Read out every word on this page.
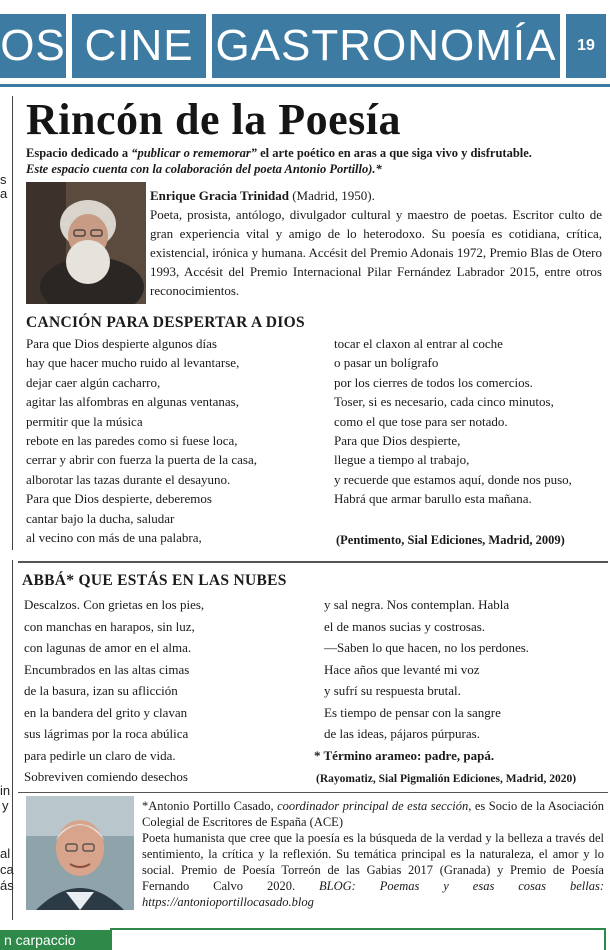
OS CINE GASTRONOMÍA	19
s
a
in
y
al
ca
ás
Rincón de la Poesía
Espacio dedicado a “publicar o rememorar” el arte poético en aras a que siga vivo y disfrutable.
Este espacio cuenta con la colaboración del poeta Antonio Portillo).*
Enrique Gracia Trinidad (Madrid, 1950).
Poeta, prosista, antólogo, divulgador cultural y maestro de poetas. Escritor culto de gran experiencia vital y amigo de lo heterodoxo. Su poesía es cotidiana, crítica, existencial, irónica y humana. Accésit del Premio Adonais 1972, Premio Blas de Otero 1993, Accésit del Premio Internacional Pilar Fernández Labrador 2015, entre otros reconocimientos.
CANCIÓN PARA DESPERTAR A DIOS
Para que Dios despierte algunos días
hay que hacer mucho ruido al levantarse,
dejar caer algún cacharro,
agitar las alfombras en algunas ventanas,
permitir que la música
rebote en las paredes como si fuese loca,
cerrar y abrir con fuerza la puerta de la casa,
alborotar las tazas durante el desayuno.
Para que Dios despierte, deberemos
cantar bajo la ducha, saludar
al vecino con más de una palabra,
tocar el claxon al entrar al coche
o pasar un bolígrafo
por los cierres de todos los comercios.
Toser, si es necesario, cada cinco minutos,
como el que tose para ser notado.
Para que Dios despierte,
llegue a tiempo al trabajo,
y recuerde que estamos aquí, donde nos puso,
Habrá que armar barullo esta mañana.
(Pentimento, Sial Ediciones, Madrid, 2009)
ABBÁ* QUE ESTÁS EN LAS NUBES
Descalzos. Con grietas en los pies,
con manchas en harapos, sin luz,
con lagunas de amor en el alma.
Encumbrados en las altas cimas
de la basura, izan su aflicción
en la bandera del grito y clavan
sus lágrimas por la roca abúlica
para pedirle un claro de vida.
Sobreviven comiendo desechos
y sal negra. Nos contemplan. Habla
el de manos sucias y costrosas.
—Saben lo que hacen, no los perdones.
Hace años que levanté mi voz
y sufrí su respuesta brutal.
Es tiempo de pensar con la sangre
de las ideas, pájaros púrpuras.
* Término arameo: padre, papá.
(Rayomatiz, Sial Pigmalión Ediciones, Madrid, 2020)
*Antonio Portillo Casado, coordinador principal de esta sección, es Socio de la Asociación Colegial de Escritores de España (ACE)
Poeta humanista que cree que la poesía es la búsqueda de la verdad y la belleza a través del sentimiento, la crítica y la reflexión. Su temática principal es la naturaleza, el amor y lo social. Premio de Poesía Torreón de las Gabias 2017 (Granada) y Premio de Poesía Fernando Calvo 2020. BLOG: Poemas y esas cosas bellas: https://antonioportillocasado.blog
n carpaccio
